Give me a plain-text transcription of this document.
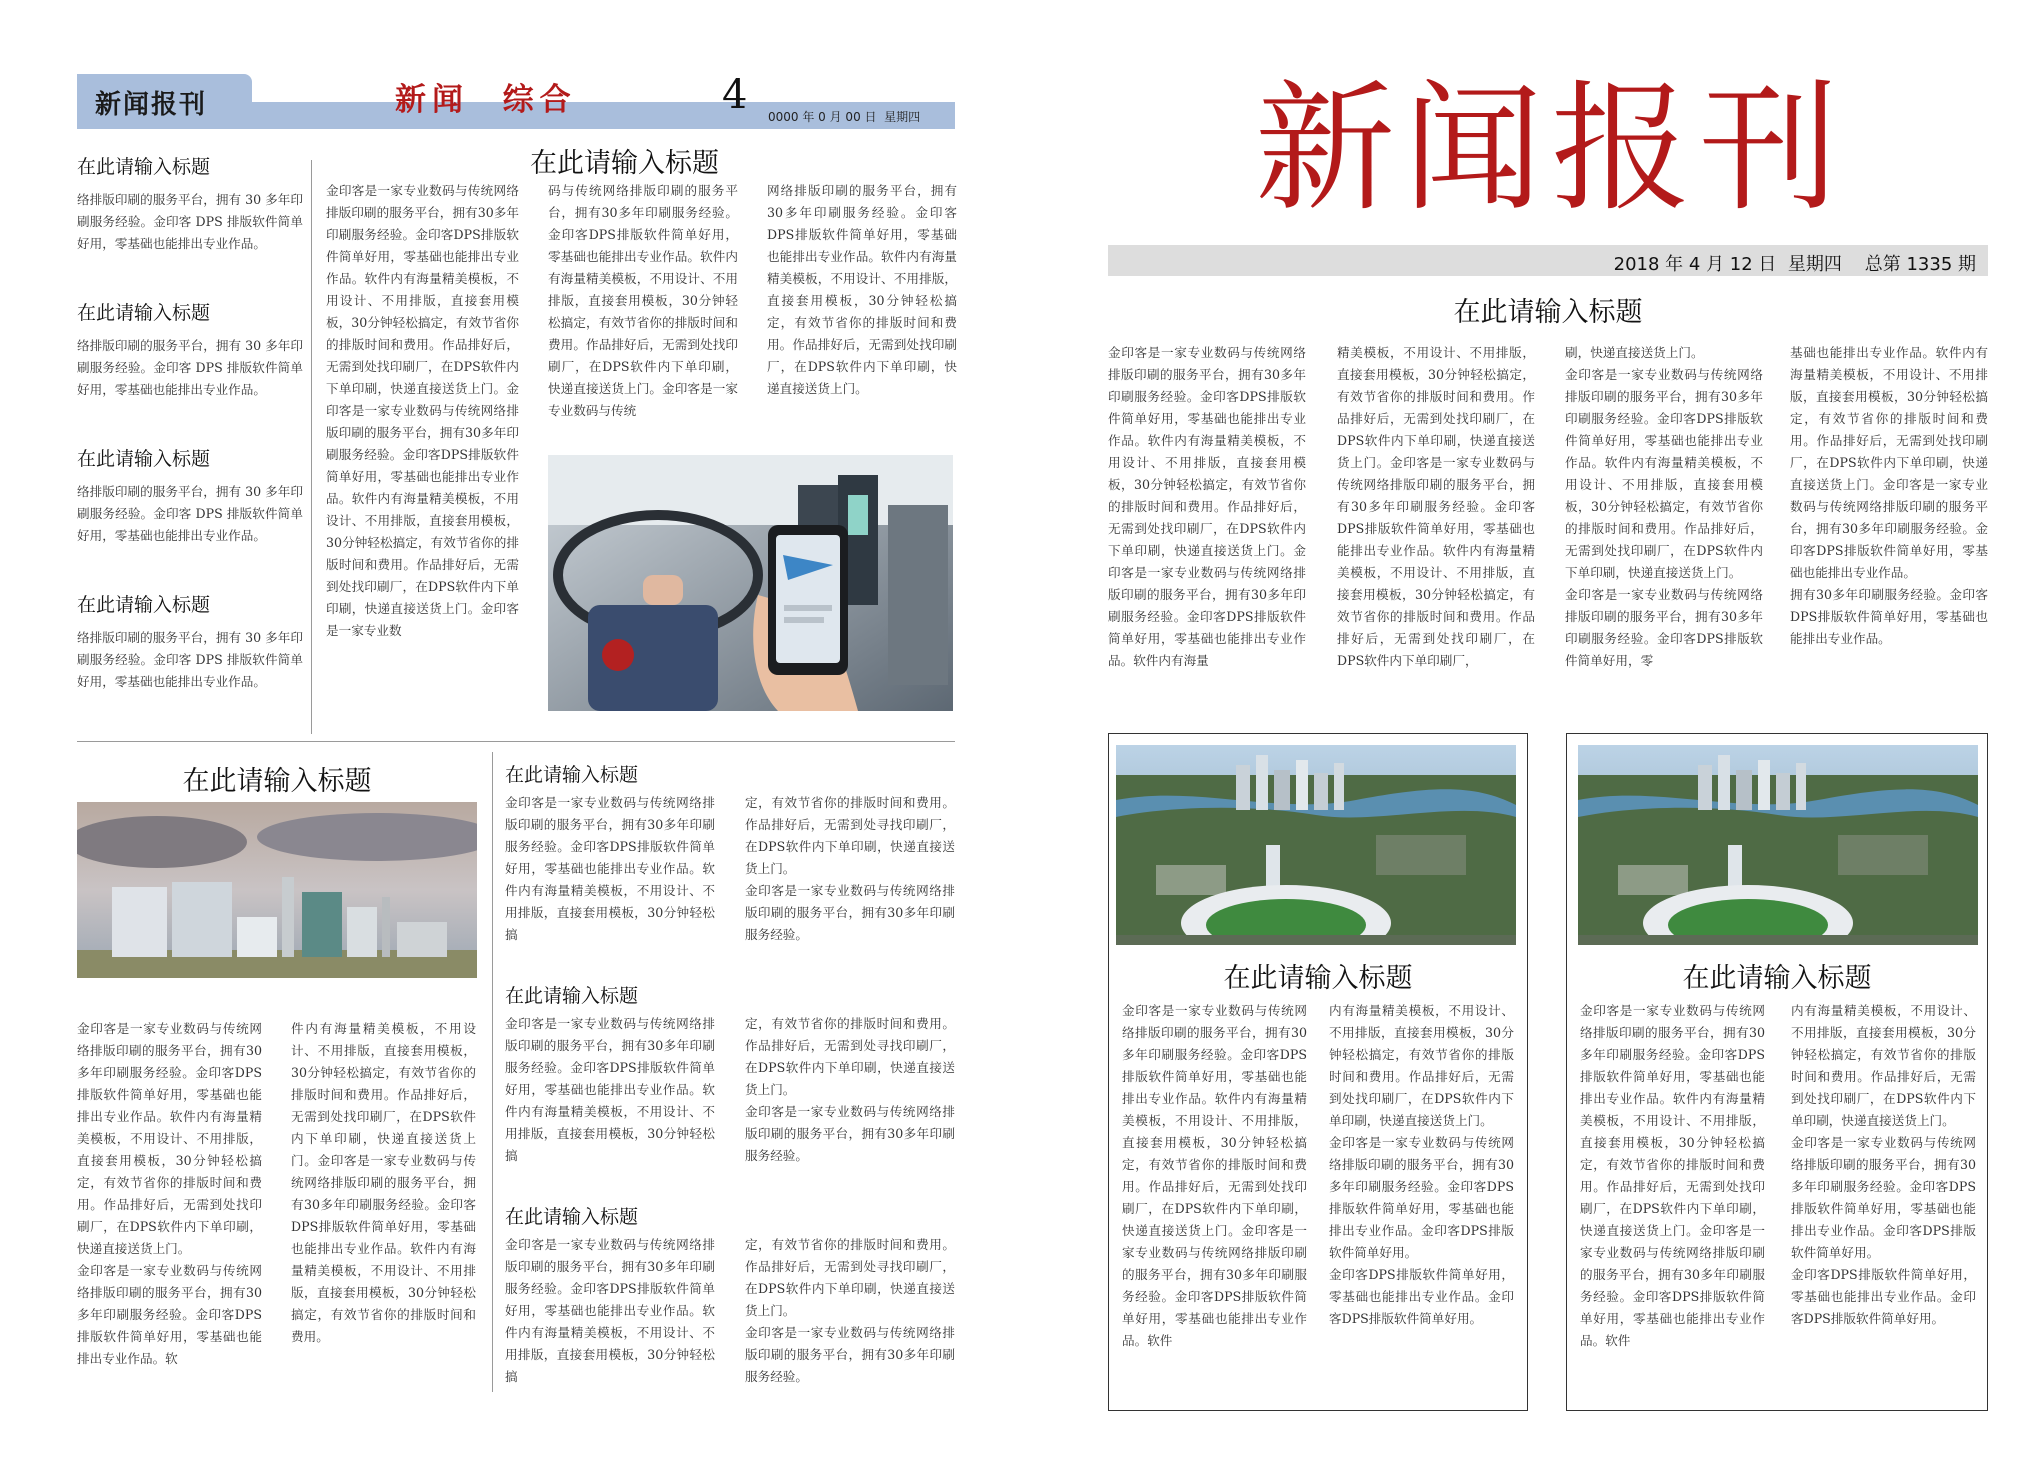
新闻报刊	新闻  综合	4 0000 年 0 月 00 日  星期四

在此请输入标题

络排版印刷的服务平台，拥有 30 多年印刷服务经验。金印客 DPS 排版软件简单好用，零基础也能排出专业作品。

在此请输入标题

络排版印刷的服务平台，拥有 30 多年印刷服务经验。金印客 DPS 排版软件简单好用，零基础也能排出专业作品。

在此请输入标题

络排版印刷的服务平台，拥有 30 多年印刷服务经验。金印客 DPS 排版软件简单好用，零基础也能排出专业作品。

在此请输入标题

络排版印刷的服务平台，拥有 30 多年印刷服务经验。金印客 DPS 排版软件简单好用，零基础也能排出专业作品。

金印客是一家专业数码与传统网络排版印刷的服务平台，拥有30多年印刷服务经验。金印客DPS排版软件简单好用，零基础也能排出专业作品。软件内有海量精美模板，不用设计、不用排版，直接套用模板，30分钟轻松搞定，有效节省你的排版时间和费用。作品排好后，无需到处找印刷厂，在DPS软件内下单印刷，快递直接送货上门。金印客是一家专业数码与传统网络排版印刷的服务平台，拥有30多年印刷服务经验。金印客DPS排版软件简单好用，零基础也能排出专业作品。软件内有海量精美模板，不用设计、不用排版，直接套用模板，30分钟轻松搞定，有效节省你的排版时间和费用。作品排好后，无需到处找印刷厂，在DPS软件内下单印刷，快递直接送货上门。金印客是一家专业数

在此请输入标题

码与传统网络排版印刷的服务平台，拥有30多年印刷服务经验。金印客DPS排版软件简单好用，零基础也能排出专业作品。软件内有海量精美模板，不用设计、不用排版，直接套用模板，30分钟轻松搞定，有效节省你的排版时间和费用。作品排好后，无需到处找印刷厂，在DPS软件内下单印刷，快递直接送货上门。金印客是一家专业数码与传统

网络排版印刷的服务平台，拥有30多年印刷服务经验。金印客DPS排版软件简单好用，零基础也能排出专业作品。软件内有海量精美模板，不用设计、不用排版，直接套用模板，30分钟轻松搞定，有效节省你的排版时间和费用。作品排好后，无需到处找印刷厂，在DPS软件内下单印刷，快递直接送货上门。

在此请输入标题

金印客是一家专业数码与传统网络排版印刷的服务平台，拥有30多年印刷服务经验。金印客DPS排版软件简单好用，零基础也能排出专业作品。软件内有海量精美模板，不用设计、不用排版，直接套用模板，30分钟轻松搞定，有效节省你的排版时间和费用。作品排好后，无需到处找印刷厂，在DPS软件内下单印刷，快递直接送货上门。
金印客是一家专业数码与传统网络排版印刷的服务平台，拥有30多年印刷服务经验。金印客DPS排版软件简单好用，零基础也能排出专业作品。软

件内有海量精美模板，不用设计、不用排版，直接套用模板，30分钟轻松搞定，有效节省你的排版时间和费用。作品排好后，无需到处找印刷厂，在DPS软件内下单印刷，快递直接送货上门。金印客是一家专业数码与传统网络排版印刷的服务平台，拥有30多年印刷服务经验。金印客DPS排版软件简单好用，零基础也能排出专业作品。软件内有海量精美模板，不用设计、不用排版，直接套用模板，30分钟轻松搞定，有效节省你的排版时间和费用。

在此请输入标题

金印客是一家专业数码与传统网络排版印刷的服务平台，拥有30多年印刷服务经验。金印客DPS排版软件简单好用，零基础也能排出专业作品。软件内有海量精美模板，不用设计、不用排版，直接套用模板，30分钟轻松搞

定，有效节省你的排版时间和费用。作品排好后，无需到处寻找印刷厂，在DPS软件内下单印刷，快递直接送货上门。
金印客是一家专业数码与传统网络排版印刷的服务平台，拥有30多年印刷服务经验。

在此请输入标题

金印客是一家专业数码与传统网络排版印刷的服务平台，拥有30多年印刷服务经验。金印客DPS排版软件简单好用，零基础也能排出专业作品。软件内有海量精美模板，不用设计、不用排版，直接套用模板，30分钟轻松搞

定，有效节省你的排版时间和费用。作品排好后，无需到处寻找印刷厂，在DPS软件内下单印刷，快递直接送货上门。
金印客是一家专业数码与传统网络排版印刷的服务平台，拥有30多年印刷服务经验。

在此请输入标题

金印客是一家专业数码与传统网络排版印刷的服务平台，拥有30多年印刷服务经验。金印客DPS排版软件简单好用，零基础也能排出专业作品。软件内有海量精美模板，不用设计、不用排版，直接套用模板，30分钟轻松搞

定，有效节省你的排版时间和费用。作品排好后，无需到处寻找印刷厂，在DPS软件内下单印刷，快递直接送货上门。
金印客是一家专业数码与传统网络排版印刷的服务平台，拥有30多年印刷服务经验。

新闻报刊
2018 年 4 月 12 日  星期四    总第 1335 期

在此请输入标题

金印客是一家专业数码与传统网络排版印刷的服务平台，拥有30多年印刷服务经验。金印客DPS排版软件简单好用，零基础也能排出专业作品。软件内有海量精美模板，不用设计、不用排版，直接套用模板，30分钟轻松搞定，有效节省你的排版时间和费用。作品排好后，无需到处找印刷厂，在DPS软件内下单印刷，快递直接送货上门。金印客是一家专业数码与传统网络排版印刷的服务平台，拥有30多年印刷服务经验。金印客DPS排版软件简单好用，零基础也能排出专业作品。软件内有海量

精美模板，不用设计、不用排版，直接套用模板，30分钟轻松搞定，有效节省你的排版时间和费用。作品排好后，无需到处找印刷厂，在DPS软件内下单印刷，快递直接送货上门。金印客是一家专业数码与传统网络排版印刷的服务平台，拥有30多年印刷服务经验。金印客DPS排版软件简单好用，零基础也能排出专业作品。软件内有海量精美模板，不用设计、不用排版，直接套用模板，30分钟轻松搞定，有效节省你的排版时间和费用。作品排好后，无需到处找印刷厂，在DPS软件内下单印刷厂，

刷，快递直接送货上门。
金印客是一家专业数码与传统网络排版印刷的服务平台，拥有30多年印刷服务经验。金印客DPS排版软件简单好用，零基础也能排出专业作品。软件内有海量精美模板，不用设计、不用排版，直接套用模板，30分钟轻松搞定，有效节省你的排版时间和费用。作品排好后，无需到处找印刷厂，在DPS软件内下单印刷，快递直接送货上门。
金印客是一家专业数码与传统网络排版印刷的服务平台，拥有30多年印刷服务经验。金印客DPS排版软件简单好用，零

基础也能排出专业作品。软件内有海量精美模板，不用设计、不用排版，直接套用模板，30分钟轻松搞定，有效节省你的排版时间和费用。作品排好后，无需到处找印刷厂，在DPS软件内下单印刷，快递直接送货上门。金印客是一家专业数码与传统网络排版印刷的服务平台，拥有30多年印刷服务经验。金印客DPS排版软件简单好用，零基础也能排出专业作品。
拥有30多年印刷服务经验。金印客DPS排版软件简单好用，零基础也能排出专业作品。

在此请输入标题

金印客是一家专业数码与传统网络排版印刷的服务平台，拥有30多年印刷服务经验。金印客DPS排版软件简单好用，零基础也能排出专业作品。软件内有海量精美模板，不用设计、不用排版，直接套用模板，30分钟轻松搞定，有效节省你的排版时间和费用。作品排好后，无需到处找印刷厂，在DPS软件内下单印刷，快递直接送货上门。金印客是一家专业数码与传统网络排版印刷的服务平台，拥有30多年印刷服务经验。金印客DPS排版软件简单好用，零基础也能排出专业作品。软件

内有海量精美模板，不用设计、不用排版，直接套用模板，30分钟轻松搞定，有效节省你的排版时间和费用。作品排好后，无需到处找印刷厂，在DPS软件内下单印刷，快递直接送货上门。
金印客是一家专业数码与传统网络排版印刷的服务平台，拥有30多年印刷服务经验。金印客DPS排版软件简单好用，零基础也能排出专业作品。金印客DPS排版软件简单好用。
金印客DPS排版软件简单好用，零基础也能排出专业作品。金印客DPS排版软件简单好用。

在此请输入标题

金印客是一家专业数码与传统网络排版印刷的服务平台，拥有30多年印刷服务经验。金印客DPS排版软件简单好用，零基础也能排出专业作品。软件内有海量精美模板，不用设计、不用排版，直接套用模板，30分钟轻松搞定，有效节省你的排版时间和费用。作品排好后，无需到处找印刷厂，在DPS软件内下单印刷，快递直接送货上门。金印客是一家专业数码与传统网络排版印刷的服务平台，拥有30多年印刷服务经验。金印客DPS排版软件简单好用，零基础也能排出专业作品。软件

内有海量精美模板，不用设计、不用排版，直接套用模板，30分钟轻松搞定，有效节省你的排版时间和费用。作品排好后，无需到处找印刷厂，在DPS软件内下单印刷，快递直接送货上门。
金印客是一家专业数码与传统网络排版印刷的服务平台，拥有30多年印刷服务经验。金印客DPS排版软件简单好用，零基础也能排出专业作品。金印客DPS排版软件简单好用。
金印客DPS排版软件简单好用，零基础也能排出专业作品。金印客DPS排版软件简单好用。
